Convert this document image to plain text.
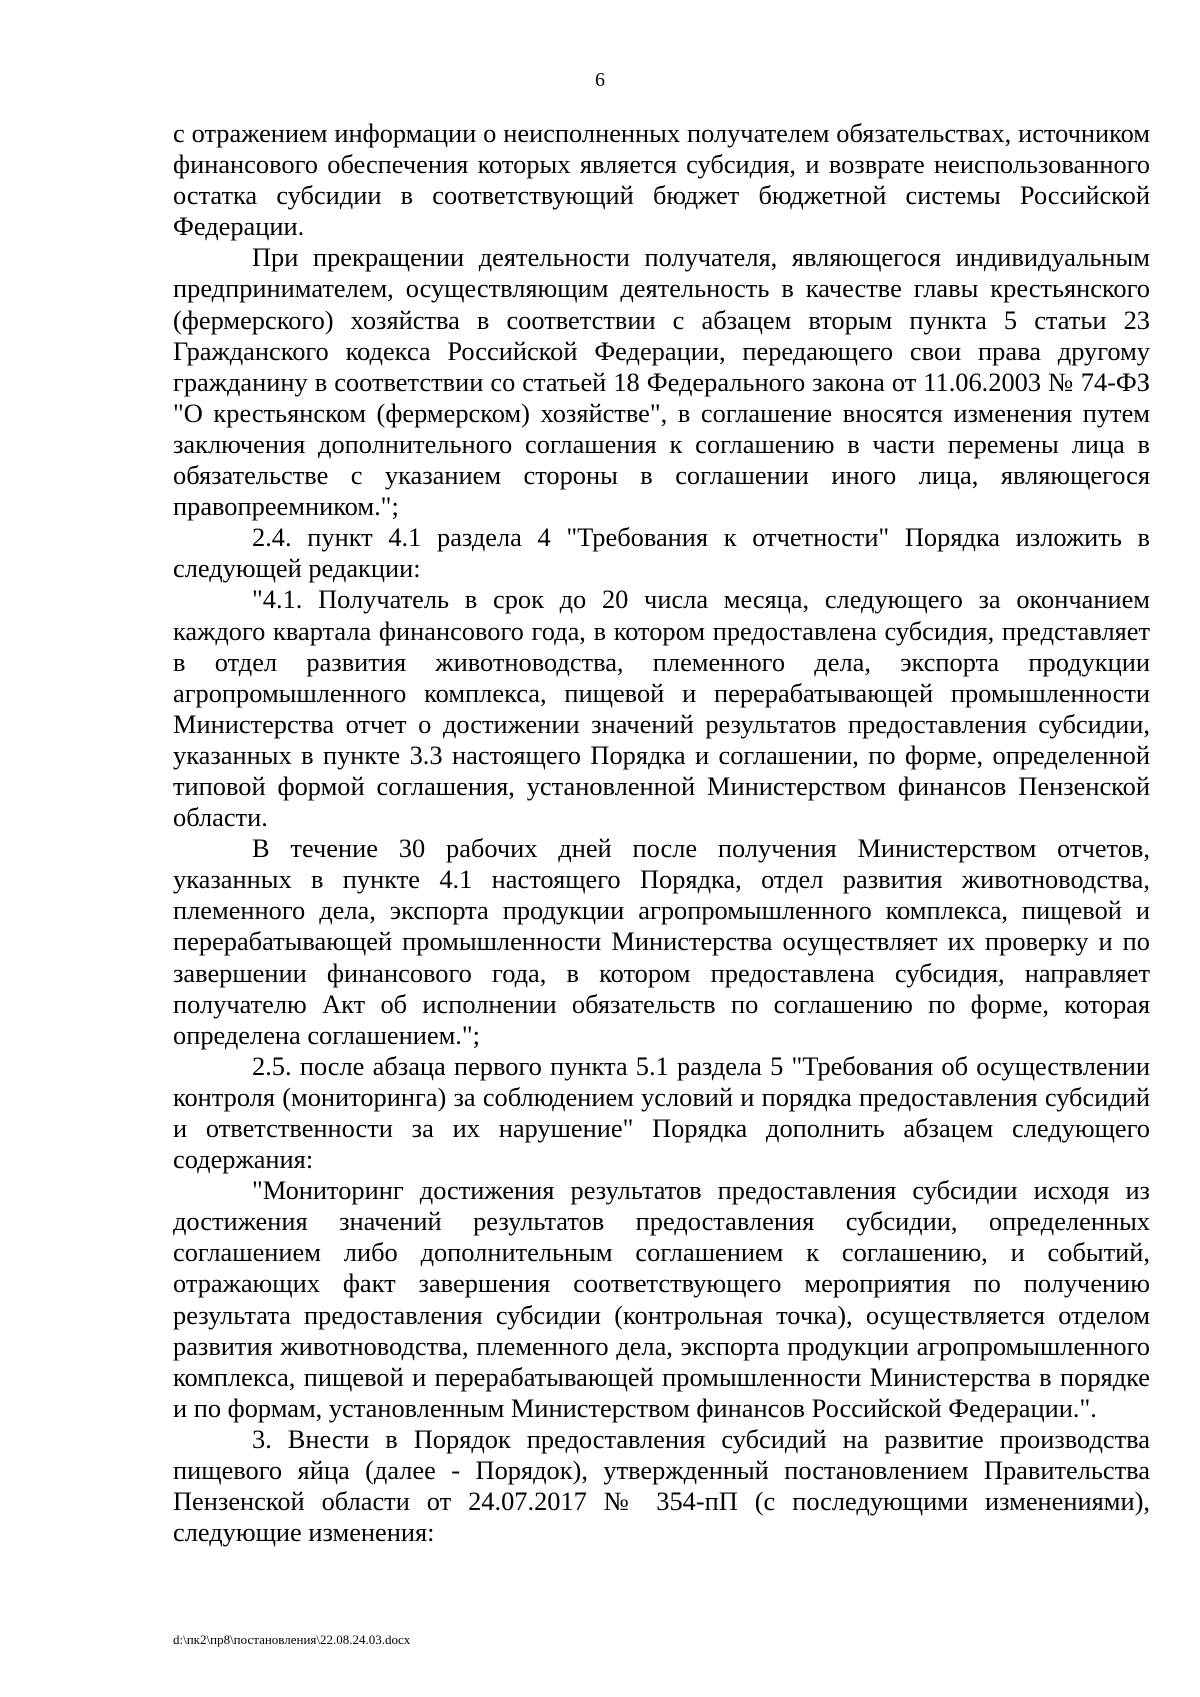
6

с отражением информации о неисполненных получателем обязательствах, источником финансового обеспечения которых является субсидия, и возврате неиспользованного остатка субсидии в соответствующий бюджет бюджетной системы Российской Федерации.

При прекращении деятельности получателя, являющегося индивидуальным предпринимателем, осуществляющим деятельность в качестве главы крестьянского (фермерского) хозяйства в соответствии с абзацем вторым пункта 5 статьи 23 Гражданского кодекса Российской Федерации, передающего свои права другому гражданину в соответствии со статьей 18 Федерального закона от 11.06.2003 № 74-ФЗ "О крестьянском (фермерском) хозяйстве", в соглашение вносятся изменения путем заключения дополнительного соглашения к соглашению в части перемены лица в обязательстве с указанием стороны в соглашении иного лица, являющегося правопреемником.";

2.4. пункт 4.1 раздела 4 "Требования к отчетности" Порядка изложить в следующей редакции:

"4.1. Получатель в срок до 20 числа месяца, следующего за окончанием каждого квартала финансового года, в котором предоставлена субсидия, представляет в отдел развития животноводства, племенного дела, экспорта продукции агропромышленного комплекса, пищевой и перерабатывающей промышленности Министерства отчет о достижении значений результатов предоставления субсидии, указанных в пункте 3.3 настоящего Порядка и соглашении, по форме, определенной типовой формой соглашения, установленной Министерством финансов Пензенской области.

В течение 30 рабочих дней после получения Министерством отчетов, указанных в пункте 4.1 настоящего Порядка, отдел развития животноводства, племенного дела, экспорта продукции агропромышленного комплекса, пищевой и перерабатывающей промышленности Министерства осуществляет их проверку и по завершении финансового года, в котором предоставлена субсидия, направляет получателю Акт об исполнении обязательств по соглашению по форме, которая определена соглашением.";

2.5. после абзаца первого пункта 5.1 раздела 5 "Требования об осуществлении контроля (мониторинга) за соблюдением условий и порядка предоставления субсидий и ответственности за их нарушение" Порядка дополнить абзацем следующего содержания:

"Мониторинг достижения результатов предоставления субсидии исходя из достижения значений результатов предоставления субсидии, определенных соглашением либо дополнительным соглашением к соглашению, и событий, отражающих факт завершения соответствующего мероприятия по получению результата предоставления субсидии (контрольная точка), осуществляется отделом развития животноводства, племенного дела, экспорта продукции агропромышленного комплекса, пищевой и перерабатывающей промышленности Министерства в порядке и по формам, установленным Министерством финансов Российской Федерации.".

3. Внести в Порядок предоставления субсидий на развитие производства пищевого яйца (далее - Порядок), утвержденный постановлением Правительства Пензенской области от 24.07.2017 № 354-пП (с последующими изменениями), следующие изменения:

d:\пк2\пр8\постановления\22.08.24.03.docx
